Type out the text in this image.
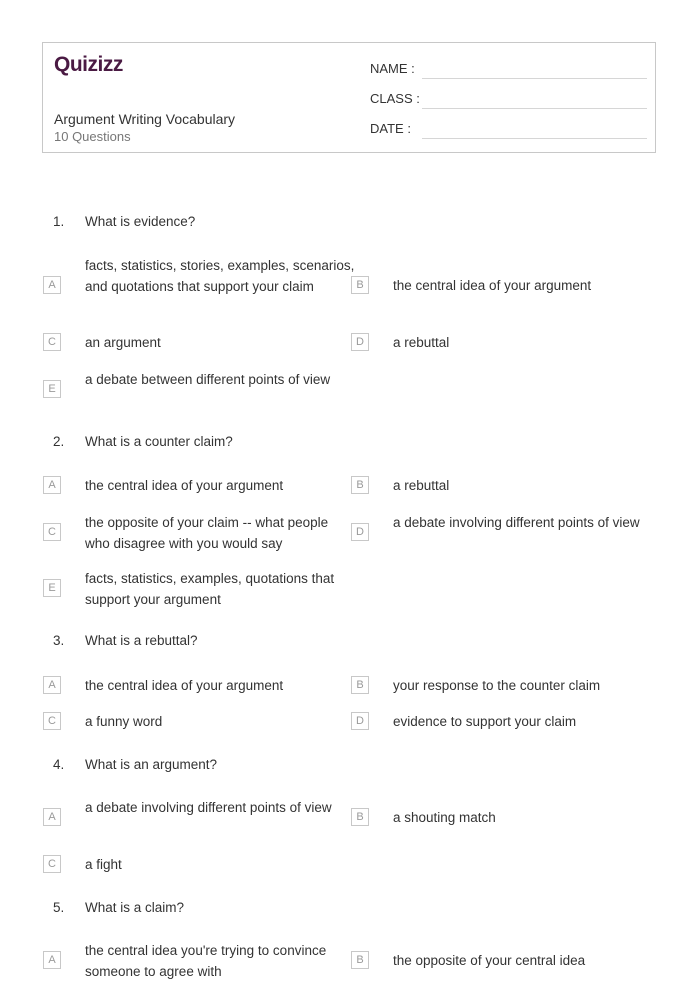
Quizizz
Argument Writing Vocabulary
10 Questions
NAME :
CLASS :
DATE :
1. What is evidence?
A
facts, statistics, stories, examples, scenarios, and quotations that support your claim	B	the central idea of your argument
C	an argument	D	a rebuttal
E
a debate between different points of view
2. What is a counter claim?
A	the central idea of your argument	B	a rebuttal
C
the opposite of your claim -- what people who disagree with you would say
D
a debate involving different points of view
E
facts, statistics, examples, quotations that support your argument
3. What is a rebuttal?
A	the central idea of your argument	B	your response to the counter claim
C	a funny word	D	evidence to support your claim
4. What is an argument?
A
a debate involving different points of view
B	a shouting match
C	a fight
5. What is a claim?
A
the central idea you're trying to convince someone to agree with
B	the opposite of your central idea
